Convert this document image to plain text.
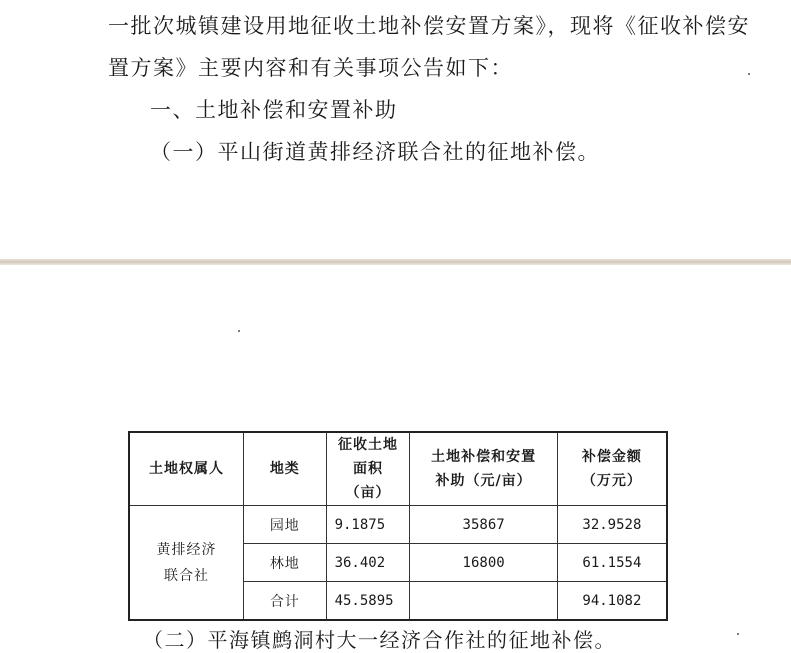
一批次城镇建设用地征收土地补偿安置方案》，现将《征收补偿安
置方案》主要内容和有关事项公告如下：
一、土地补偿和安置补助
（一）平山街道黄排经济联合社的征地补偿。
土地权属人	地类	征收土地面积（亩）	土地补偿和安置补助（元/亩）	补偿金额（万元）
黄排经济联合社	园地	9.1875	35867	32.9528
	林地	36.402	16800	61.1554
	合计	45.5895		94.1082
（二）平海镇鹧洞村大一经济合作社的征地补偿。
